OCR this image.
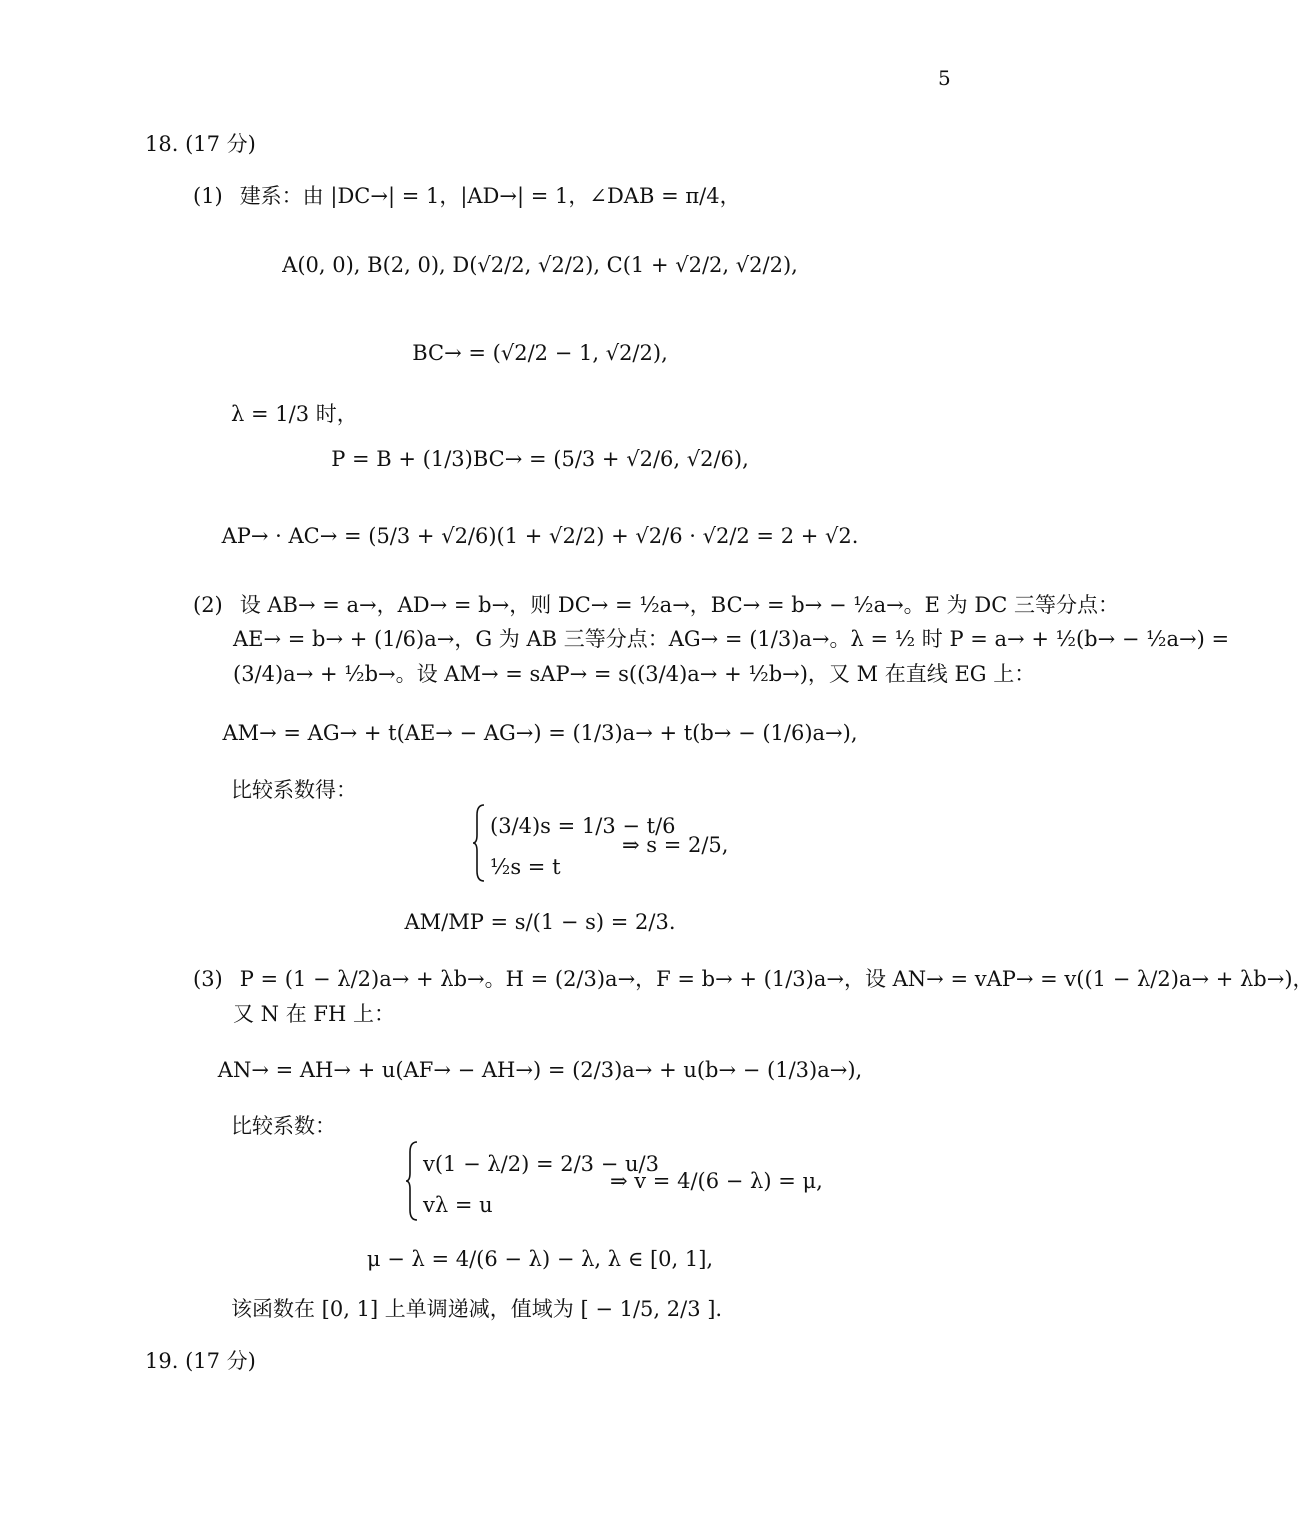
5
18. (17 分)
(1) 建系：由 |DC→| = 1，|AD→| = 1，∠DAB = π/4，
A(0, 0), B(2, 0), D(√2/2, √2/2), C(1 + √2/2, √2/2),
BC→ = (√2/2 − 1, √2/2),
λ = 1/3 时，
P = B + (1/3)BC→ = (5/3 + √2/6, √2/6),
AP→ · AC→ = (5/3 + √2/6)(1 + √2/2) + √2/6 · √2/2 = 2 + √2.
(2) 设 AB→ = a→，AD→ = b→，则 DC→ = ½a→，BC→ = b→ − ½a→。E 为 DC 三等分点：
AE→ = b→ + (1/6)a→，G 为 AB 三等分点：AG→ = (1/3)a→。λ = ½ 时 P = a→ + ½(b→ − ½a→) =
(3/4)a→ + ½b→。设 AM→ = sAP→ = s((3/4)a→ + ½b→)，又 M 在直线 EG 上：
AM→ = AG→ + t(AE→ − AG→) = (1/3)a→ + t(b→ − (1/6)a→),
比较系数得：
(3/4)s = 1/3 − t/6
½s = t
⇒ s = 2/5,
AM/MP = s/(1 − s) = 2/3.
(3) P = (1 − λ/2)a→ + λb→。H = (2/3)a→，F = b→ + (1/3)a→，设 AN→ = vAP→ = v((1 − λ/2)a→ + λb→)，
又 N 在 FH 上：
AN→ = AH→ + u(AF→ − AH→) = (2/3)a→ + u(b→ − (1/3)a→),
比较系数：
v(1 − λ/2) = 2/3 − u/3
vλ = u
⇒ v = 4/(6 − λ) = μ,
μ − λ = 4/(6 − λ) − λ, λ ∈ [0, 1],
该函数在 [0, 1] 上单调递减，值域为 [ − 1/5, 2/3 ].
19. (17 分)
